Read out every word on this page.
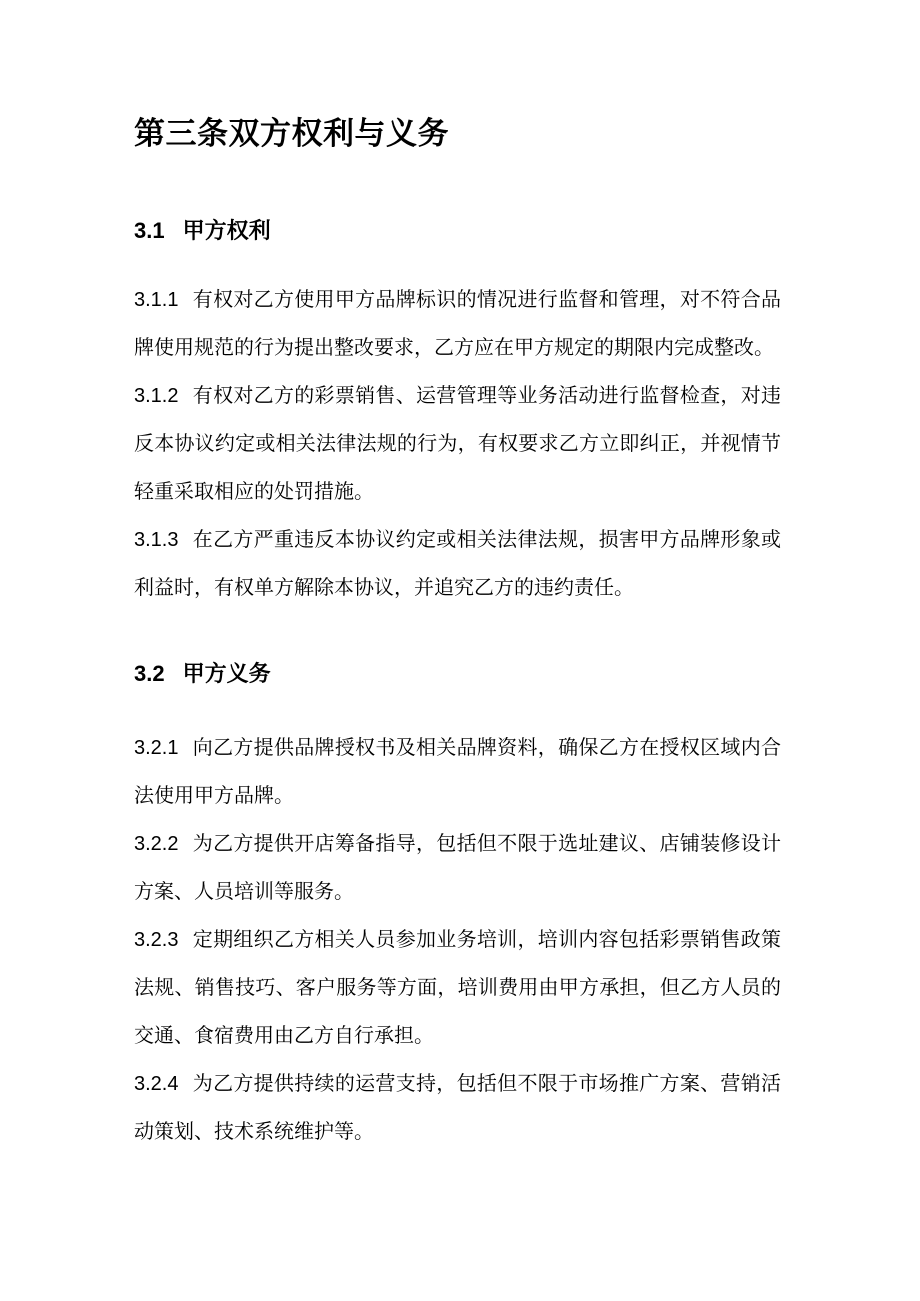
第三条双方权利与义务
3.1 甲方权利

3.1.1 有权对乙方使用甲方品牌标识的情况进行监督和管理，对不符合品牌使用规范的行为提出整改要求，乙方应在甲方规定的期限内完成整改。

3.1.2 有权对乙方的彩票销售、运营管理等业务活动进行监督检查，对违反本协议约定或相关法律法规的行为，有权要求乙方立即纠正，并视情节轻重采取相应的处罚措施。

3.1.3 在乙方严重违反本协议约定或相关法律法规，损害甲方品牌形象或利益时，有权单方解除本协议，并追究乙方的违约责任。

3.2 甲方义务

3.2.1 向乙方提供品牌授权书及相关品牌资料，确保乙方在授权区域内合法使用甲方品牌。

3.2.2 为乙方提供开店筹备指导，包括但不限于选址建议、店铺装修设计方案、人员培训等服务。

3.2.3 定期组织乙方相关人员参加业务培训，培训内容包括彩票销售政策法规、销售技巧、客户服务等方面，培训费用由甲方承担，但乙方人员的交通、食宿费用由乙方自行承担。

3.2.4 为乙方提供持续的运营支持，包括但不限于市场推广方案、营销活动策划、技术系统维护等。
